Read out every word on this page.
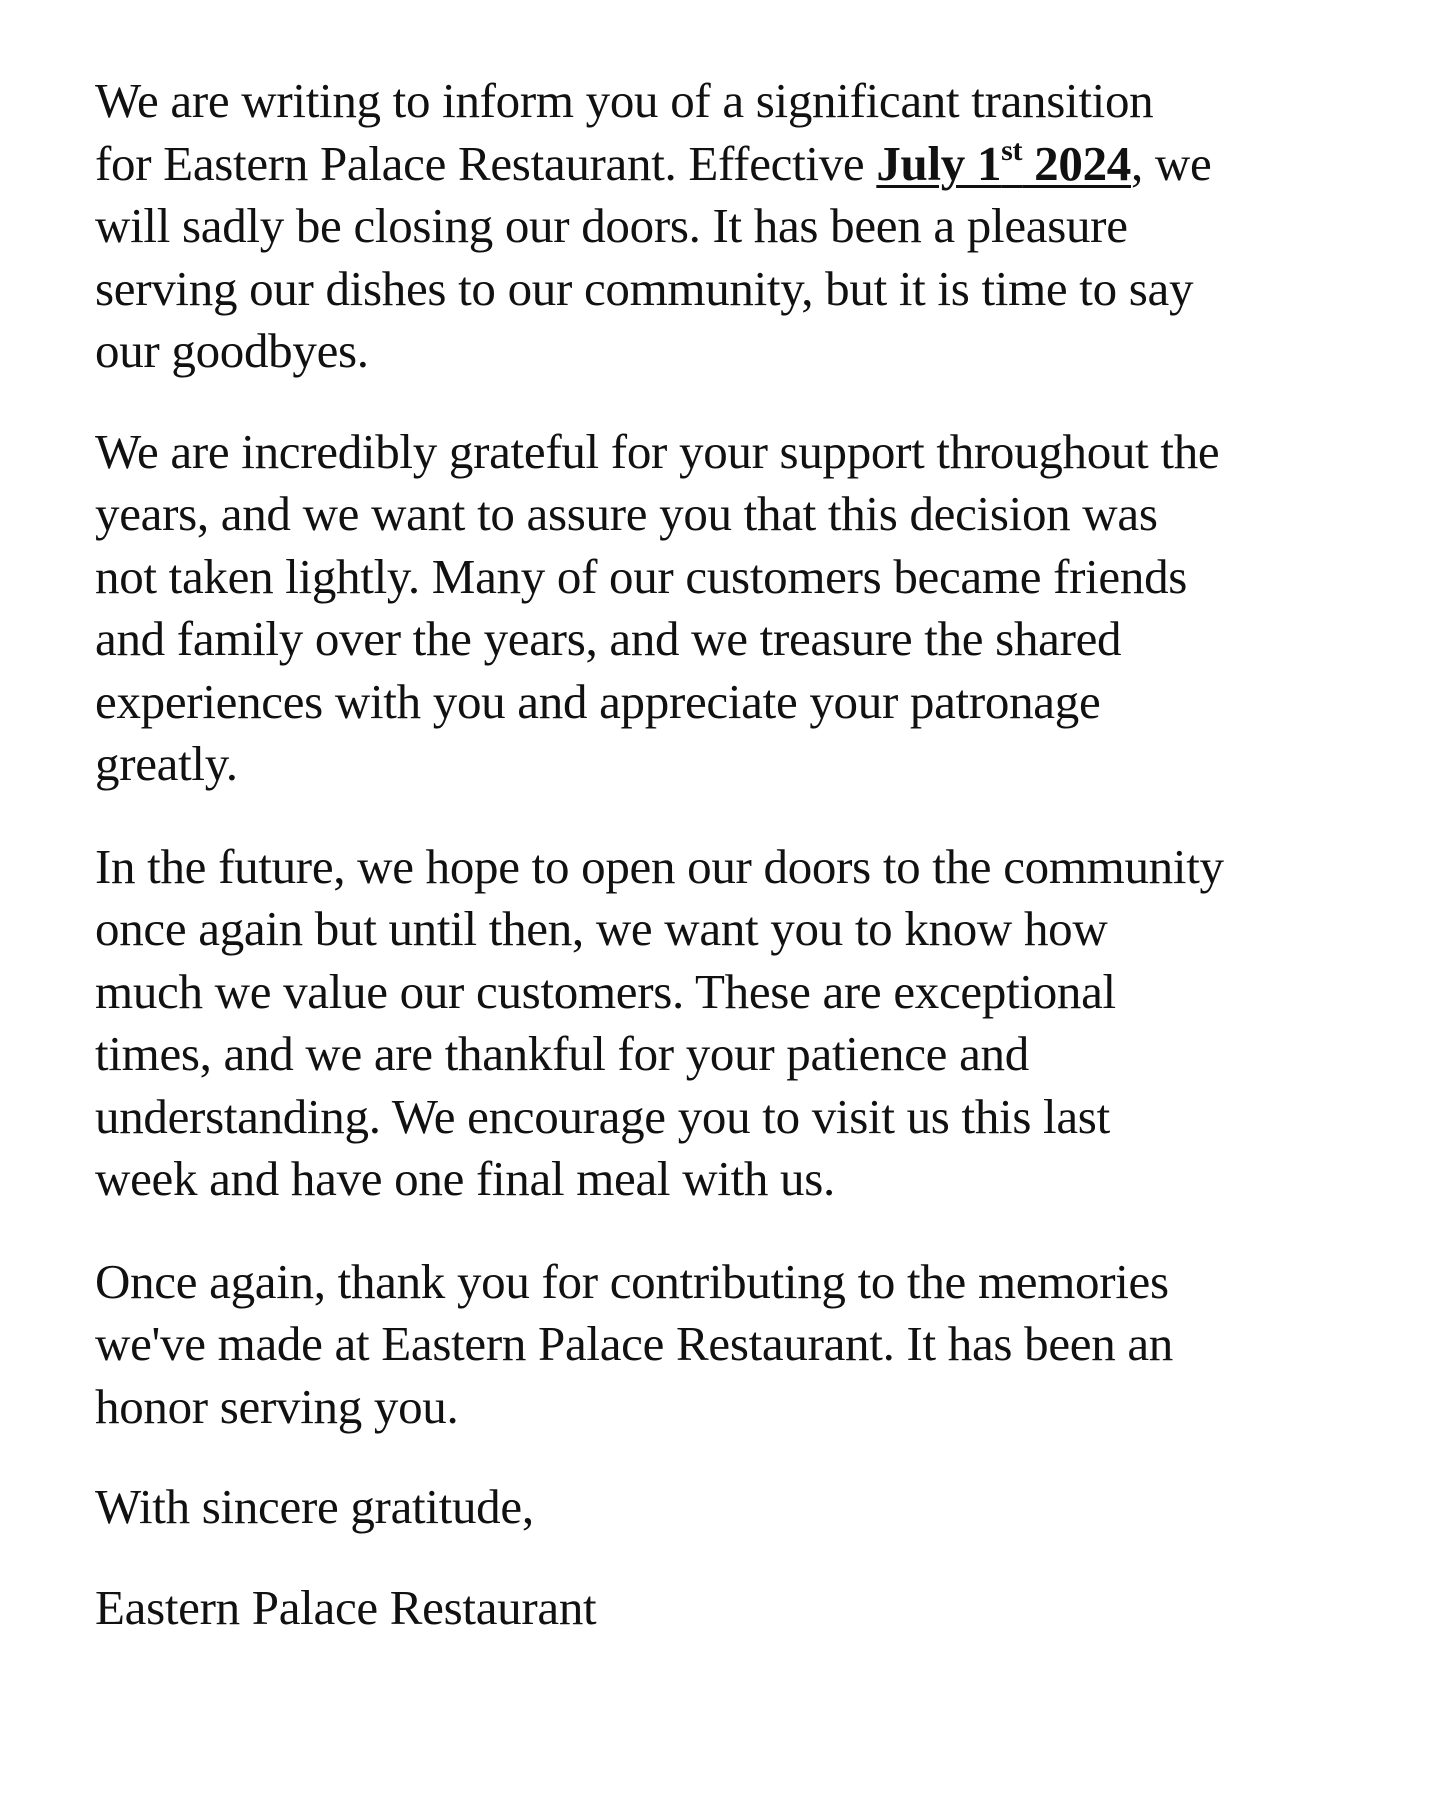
We are writing to inform you of a significant transition
for Eastern Palace Restaurant. Effective July 1st 2024, we
will sadly be closing our doors. It has been a pleasure
serving our dishes to our community, but it is time to say
our goodbyes.

We are incredibly grateful for your support throughout the
years, and we want to assure you that this decision was
not taken lightly. Many of our customers became friends
and family over the years, and we treasure the shared
experiences with you and appreciate your patronage
greatly.

In the future, we hope to open our doors to the community
once again but until then, we want you to know how
much we value our customers. These are exceptional
times, and we are thankful for your patience and
understanding. We encourage you to visit us this last
week and have one final meal with us.

Once again, thank you for contributing to the memories
we've made at Eastern Palace Restaurant. It has been an
honor serving you.

With sincere gratitude,

Eastern Palace Restaurant
